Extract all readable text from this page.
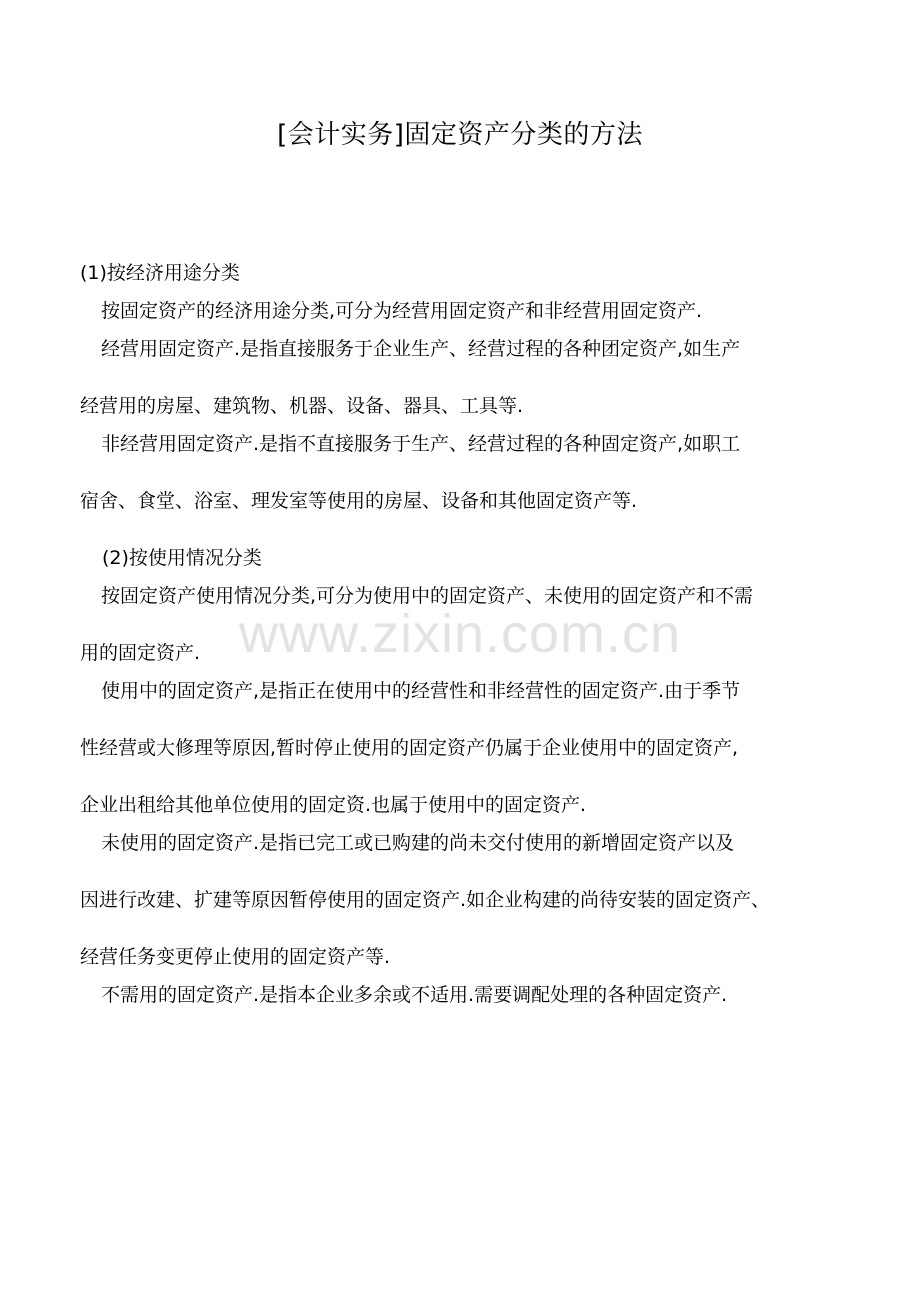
[会计实务]固定资产分类的方法
www.zixin.com.cn
(1)按经济用途分类

按固定资产的经济用途分类,可分为经营用固定资产和非经营用固定资产.

经营用固定资产.是指直接服务于企业生产、经营过程的各种团定资产,如生产
经营用的房屋、建筑物、机器、设备、器具、工具等.

非经营用固定资产.是指不直接服务于生产、经营过程的各种固定资产,如职工
宿舍、食堂、浴室、理发室等使用的房屋、设备和其他固定资产等.

(2)按使用情况分类

按固定资产使用情况分类,可分为使用中的固定资产、未使用的固定资产和不需
用的固定资产.

使用中的固定资产,是指正在使用中的经营性和非经营性的固定资产.由于季节
性经营或大修理等原因,暂时停止使用的固定资产仍属于企业使用中的固定资产,
企业出租给其他单位使用的固定资.也属于使用中的固定资产.

未使用的固定资产.是指已完工或已购建的尚未交付使用的新增固定资产以及
因进行改建、扩建等原因暂停使用的固定资产.如企业构建的尚待安装的固定资产、
经营任务变更停止使用的固定资产等.

不需用的固定资产.是指本企业多余或不适用.需要调配处理的各种固定资产.
